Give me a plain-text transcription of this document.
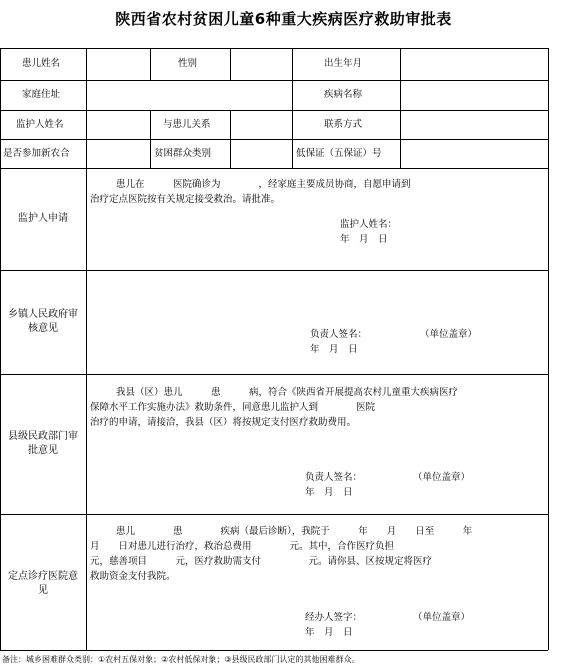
陕西省农村贫困儿童6种重大疾病医疗救助审批表
患儿姓名	性别	出生年月
家庭住址	疾病名称
监护人姓名	与患儿关系	联系方式
是否参加新农合	贫困群众类别	低保证（五保证）号
监护人申请
患儿在　　　医院确诊为　　　　，经家庭主要成员协商，自愿申请到
治疗定点医院按有关规定接受救治。请批准。
监护人姓名：
年　月　日
乡镇人民政府审核意见
负责人签名：	（单位盖章）
年　月　日
县级民政部门审批意见
我县（区）患儿　　　患　　　病，符合《陕西省开展提高农村儿童重大疾病医疗
保障水平工作实施办法》救助条件，同意患儿监护人到　　　　医院
治疗的申请，请接洽，我县（区）将按规定支付医疗救助费用。
负责人签名：	（单位盖章）
年　月　日
定点诊疗医院意见
患儿　　　　患　　　　疾病（最后诊断），我院于　　　年　　月　　日至　　　年
月　　日对患儿进行治疗，救治总费用　　　　元。其中，合作医疗负担
元，慈善项目　　　元，医疗救助需支付　　　　　元。请你县、区按规定将医疗
救助资金支付我院。
经办人签字：	（单位盖章）
年　月　日
备注：城乡困难群众类别：①农村五保对象；②农村低保对象；③县级民政部门认定的其他困难群众。
